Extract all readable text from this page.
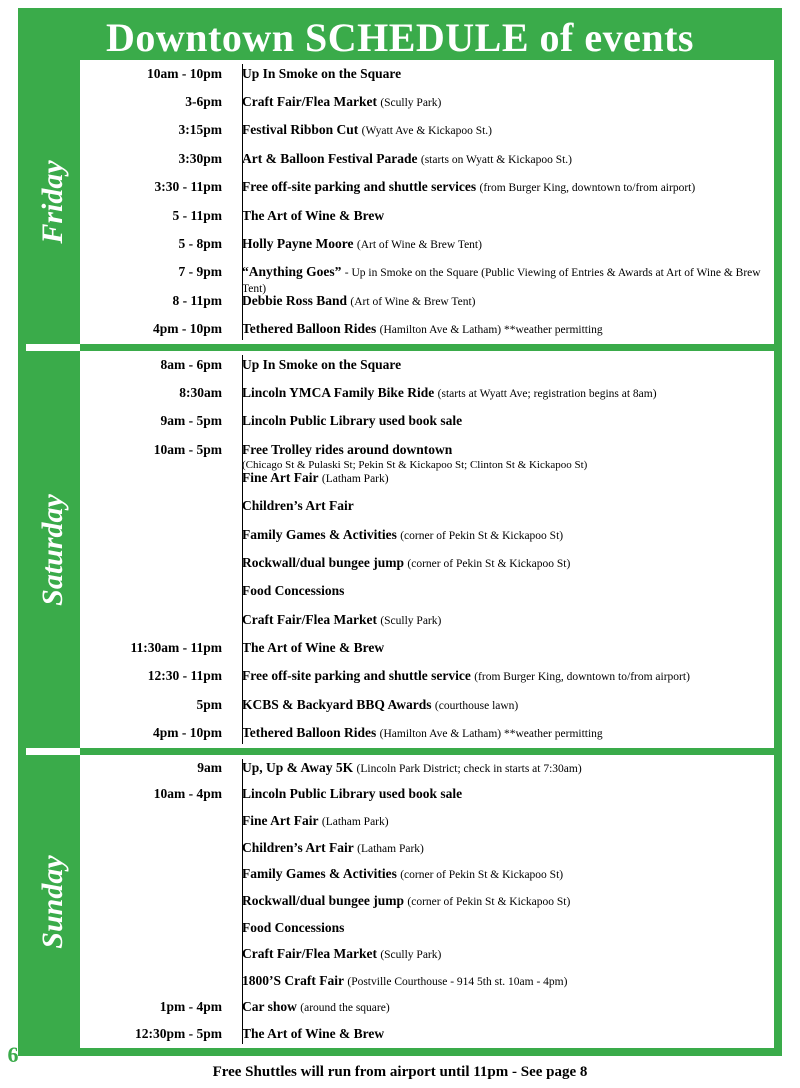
Downtown SCHEDULE of events
Friday
10am - 10pm	Up In Smoke on the Square
3-6pm	Craft Fair/Flea Market (Scully Park)
3:15pm	Festival Ribbon Cut (Wyatt Ave & Kickapoo St.)
3:30pm	Art & Balloon Festival Parade (starts on Wyatt & Kickapoo St.)
3:30 - 11pm	Free off-site parking and shuttle services (from Burger King, downtown to/from airport)
5 - 11pm	The Art of Wine & Brew
5 - 8pm	Holly Payne Moore (Art of Wine & Brew Tent)
7 - 9pm	“Anything Goes” - Up in Smoke on the Square (Public Viewing of Entries & Awards at Art of Wine & Brew Tent)
8 - 11pm	Debbie Ross Band (Art of Wine & Brew Tent)
4pm - 10pm	Tethered Balloon Rides (Hamilton Ave & Latham) **weather permitting
Saturday
8am - 6pm	Up In Smoke on the Square
8:30am	Lincoln YMCA Family Bike Ride (starts at Wyatt Ave; registration begins at 8am)
9am - 5pm	Lincoln Public Library used book sale
10am - 5pm	Free Trolley rides around downtown
(Chicago St & Pulaski St; Pekin St & Kickapoo St; Clinton St & Kickapoo St)
Fine Art Fair (Latham Park)
Children’s Art Fair
Family Games & Activities (corner of Pekin St & Kickapoo St)
Rockwall/dual bungee jump (corner of Pekin St & Kickapoo St)
Food Concessions
Craft Fair/Flea Market (Scully Park)
11:30am - 11pm	The Art of Wine & Brew
12:30 - 11pm	Free off-site parking and shuttle service (from Burger King, downtown to/from airport)
5pm	KCBS & Backyard BBQ Awards (courthouse lawn)
4pm - 10pm	Tethered Balloon Rides (Hamilton Ave & Latham) **weather permitting
Sunday
9am	Up, Up & Away 5K (Lincoln Park District; check in starts at 7:30am)
10am - 4pm	Lincoln Public Library used book sale
Fine Art Fair (Latham Park)
Children’s Art Fair (Latham Park)
Family Games & Activities (corner of Pekin St & Kickapoo St)
Rockwall/dual bungee jump (corner of Pekin St & Kickapoo St)
Food Concessions
Craft Fair/Flea Market (Scully Park)
1800’S Craft Fair (Postville Courthouse - 914 5th st. 10am - 4pm)
1pm - 4pm	Car show (around the square)
12:30pm - 5pm	The Art of Wine & Brew
6
Free Shuttles will run from airport until 11pm - See page 8
